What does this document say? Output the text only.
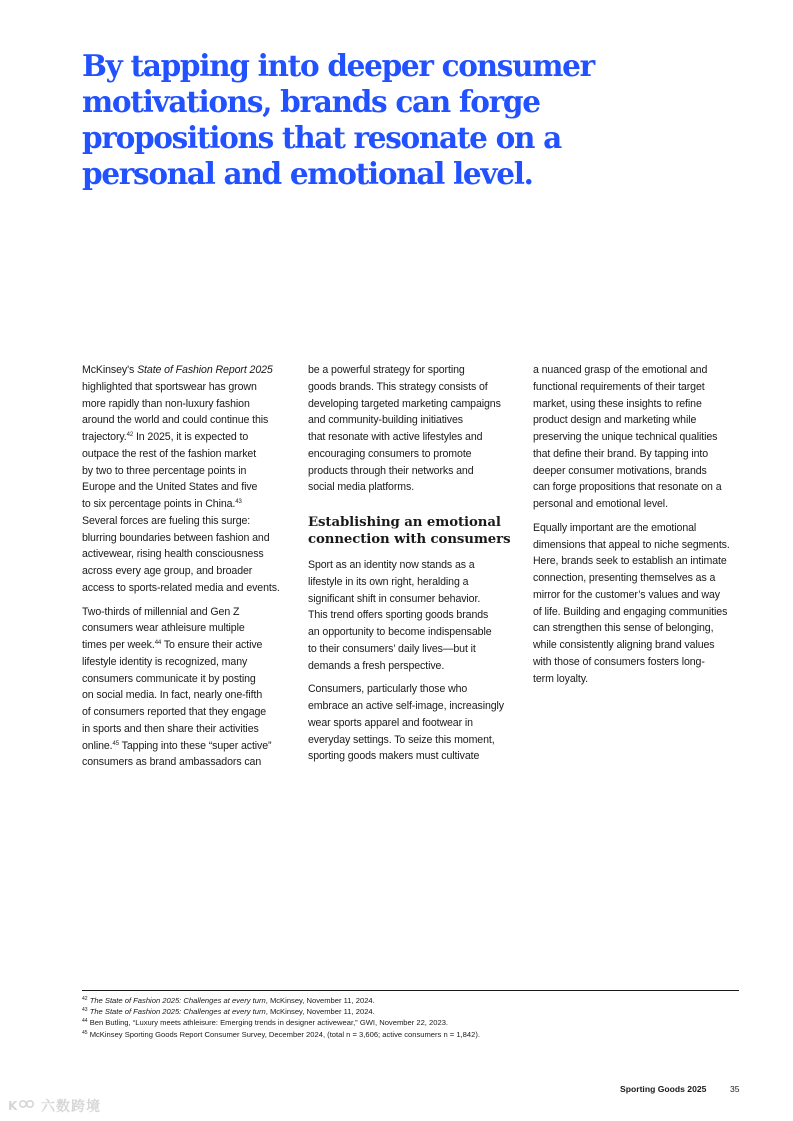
By tapping into deeper consumer
motivations, brands can forge
propositions that resonate on a
personal and emotional level.

McKinsey's State of Fashion Report 2025
highlighted that sportswear has grown
more rapidly than non-luxury fashion
around the world and could continue this
trajectory.$^{42}$ In 2025, it is expected to
outpace the rest of the fashion market
by two to three percentage points in
Europe and the United States and five
to six percentage points in China.$^{43}$
Several forces are fueling this surge:
blurring boundaries between fashion and
activewear, rising health consciousness
across every age group, and broader
access to sports-related media and events.

Two-thirds of millennial and Gen Z
consumers wear athleisure multiple
times per week.$^{44}$ To ensure their active
lifestyle identity is recognized, many
consumers communicate it by posting
on social media. In fact, nearly one-fifth
of consumers reported that they engage
in sports and then share their activities
online.$^{45}$ Tapping into these “super active”
consumers as brand ambassadors can

be a powerful strategy for sporting
goods brands. This strategy consists of
developing targeted marketing campaigns
and community-building initiatives
that resonate with active lifestyles and
encouraging consumers to promote
products through their networks and
social media platforms.

Establishing an emotional
connection with consumers

Sport as an identity now stands as a
lifestyle in its own right, heralding a
significant shift in consumer behavior.
This trend offers sporting goods brands
an opportunity to become indispensable
to their consumers’ daily lives—but it
demands a fresh perspective.

Consumers, particularly those who
embrace an active self-image, increasingly
wear sports apparel and footwear in
everyday settings. To seize this moment,
sporting goods makers must cultivate

a nuanced grasp of the emotional and
functional requirements of their target
market, using these insights to refine
product design and marketing while
preserving the unique technical qualities
that define their brand. By tapping into
deeper consumer motivations, brands
can forge propositions that resonate on a
personal and emotional level.

Equally important are the emotional
dimensions that appeal to niche segments.
Here, brands seek to establish an intimate
connection, presenting themselves as a
mirror for the customer’s values and way
of life. Building and engaging communities
can strengthen this sense of belonging,
while consistently aligning brand values
with those of consumers fosters long-
term loyalty.

$^{42}$ The State of Fashion 2025: Challenges at every turn, McKinsey, November 11, 2024.
$^{43}$ The State of Fashion 2025: Challenges at every turn, McKinsey, November 11, 2024.
$^{44}$ Ben Butling, “Luxury meets athleisure: Emerging trends in designer activewear,” GWI, November 22, 2023.
$^{45}$ McKinsey Sporting Goods Report Consumer Survey, December 2024, (total n = 3,606; active consumers n = 1,842).
Sporting Goods 2025	35
K 六数跨境
